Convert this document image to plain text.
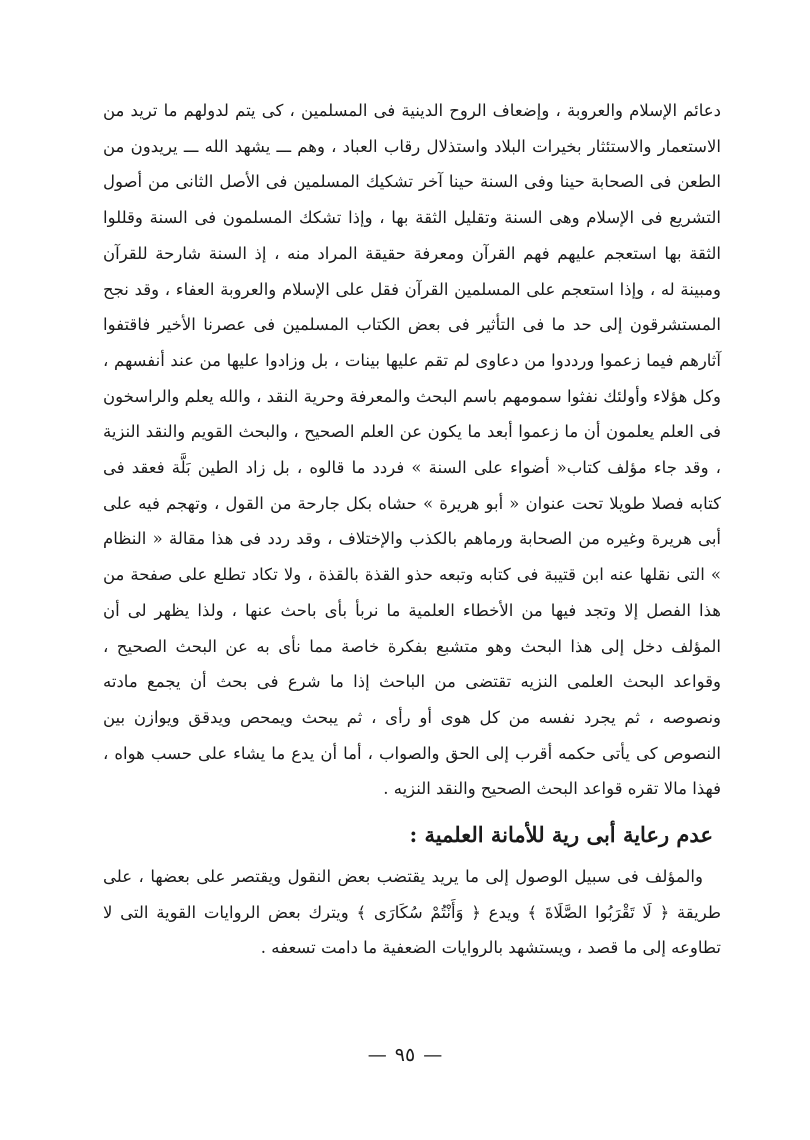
دعائم الإسلام والعروبة ، وإضعاف الروح الدينية فى المسلمين ، كى يتم لدولهم ما تريد من الاستعمار والاستئثار بخيرات البلاد واستذلال رقاب العباد ، وهم ـــ يشهد الله ـــ يريدون من الطعن فى الصحابة حينا وفى السنة حينا آخر تشكيك المسلمين فى الأصل الثانى من أصول التشريع فى الإسلام وهى السنة وتقليل الثقة بها ، وإذا تشكك المسلمون فى السنة وقللوا الثقة بها استعجم عليهم فهم القرآن ومعرفة حقيقة المراد منه ، إذ السنة شارحة للقرآن ومبينة له ، وإذا استعجم على المسلمين القرآن فقل على الإسلام والعروبة العفاء ، وقد نجح المستشرقون إلى حد ما فى التأثير فى بعض الكتاب المسلمين فى عصرنا الأخير فاقتفوا آثارهم فيما زعموا ورددوا من دعاوى لم تقم عليها بينات ، بل وزادوا عليها من عند أنفسهم ، وكل هؤلاء وأولئك نفثوا سمومهم باسم البحث والمعرفة وحرية النقد ، والله يعلم والراسخون فى العلم يعلمون أن ما زعموا أبعد ما يكون عن العلم الصحيح ، والبحث القويم والنقد النزية ، وقد جاء مؤلف كتاب« أضواء على السنة » فردد ما قالوه ، بل زاد الطين بَلَّة فعقد فى كتابه فصلا طويلا تحت عنوان « أبو هريرة » حشاه بكل جارحة من القول ، وتهجم فيه على أبى هريرة وغيره من الصحابة ورماهم بالكذب والإختلاف ، وقد ردد فى هذا مقالة « النظام » التى نقلها عنه ابن قتيبة فى كتابه وتبعه حذو القذة بالقذة ، ولا تكاد تطلع على صفحة من هذا الفصل إلا وتجد فيها من الأخطاء العلمية ما نربأ بأى باحث عنها ، ولذا يظهر لى أن المؤلف دخل إلى هذا البحث وهو متشبع بفكرة خاصة مما نأى به عن البحث الصحيح ، وقواعد البحث العلمى النزيه تقتضى من الباحث إذا ما شرع فى بحث أن يجمع مادته ونصوصه ، ثم يجرد نفسه من كل هوى أو رأى ، ثم يبحث ويمحص ويدقق ويوازن بين النصوص كى يأتى حكمه أقرب إلى الحق والصواب ، أما أن يدع ما يشاء على حسب هواه ، فهذا مالا تقره قواعد البحث الصحيح والنقد النزيه .

عدم رعاية أبى رية للأمانة العلمية :

والمؤلف فى سبيل الوصول إلى ما يريد يقتضب بعض النقول ويقتصر على بعضها ، على طريقة ﴿ لَا تَقْرَبُوا الصَّلَاةَ ﴾ ويدع ﴿ وَأَنْتُمْ سُكَارَى ﴾ ويترك بعض الروايات القوية التى لا تطاوعه إلى ما قصد ، ويستشهد بالروايات الضعفية ما دامت تسعفه .

—٩٥—
